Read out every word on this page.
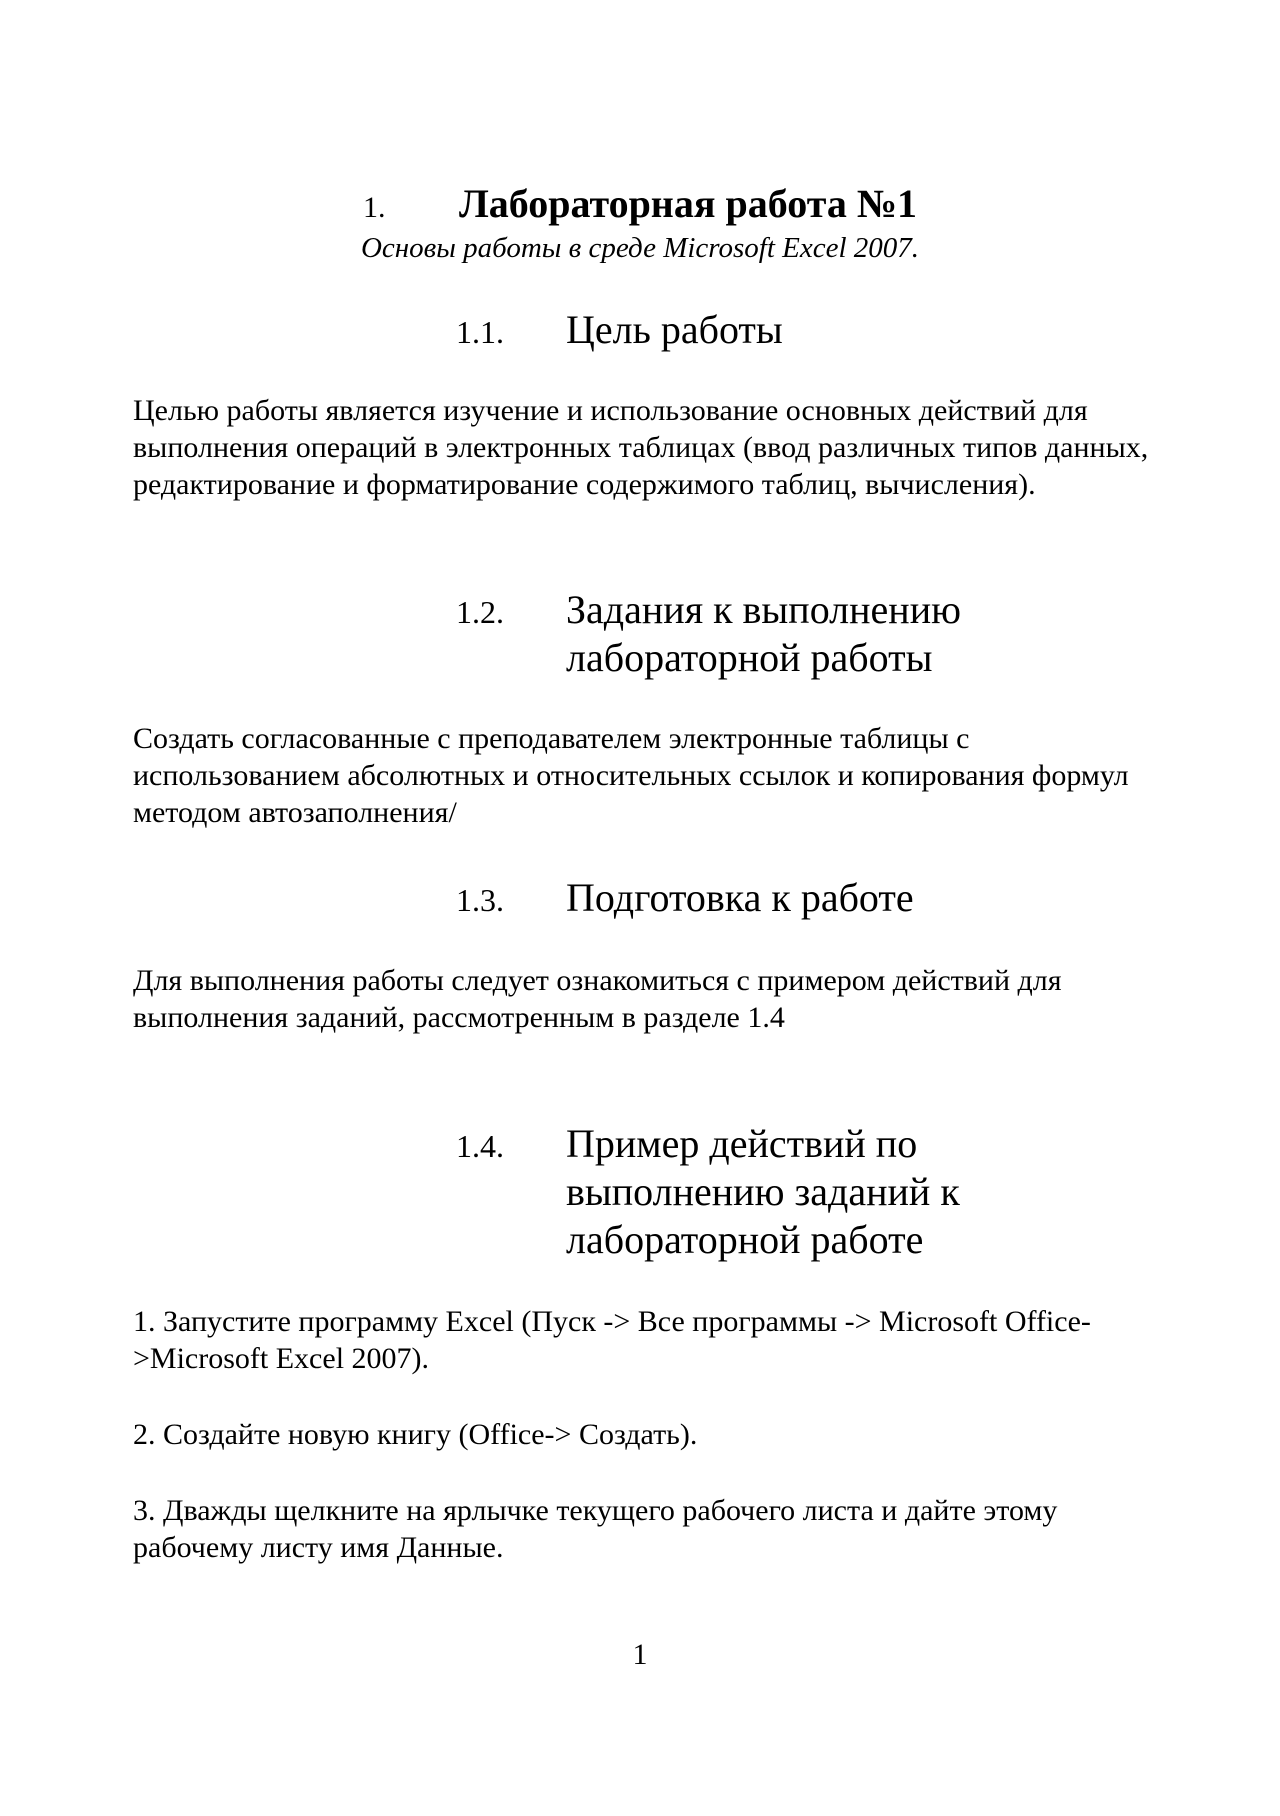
1.	Лабораторная работа №1
Основы работы в среде Microsoft Excel 2007.
1.1.	Цель работы
Целью работы является изучение и использование основных действий для выполнения операций в электронных таблицах (ввод различных типов данных, редактирование и форматирование содержимого таблиц, вычисления).
1.2.	Задания к выполнению лабораторной работы
Создать согласованные с преподавателем электронные таблицы с использованием абсолютных и относительных ссылок и копирования формул методом автозаполнения/
1.3.	Подготовка к работе
Для выполнения работы следует ознакомиться с примером действий для выполнения заданий, рассмотренным в разделе 1.4
1.4.	Пример действий по выполнению заданий к лабораторной работе
1. Запустите программу Excel (Пуск -> Все программы -> Microsoft Office->Microsoft Excel 2007).
2. Создайте новую книгу (Office-> Создать).
3. Дважды щелкните на ярлычке текущего рабочего листа и дайте этому рабочему листу имя Данные.
1
